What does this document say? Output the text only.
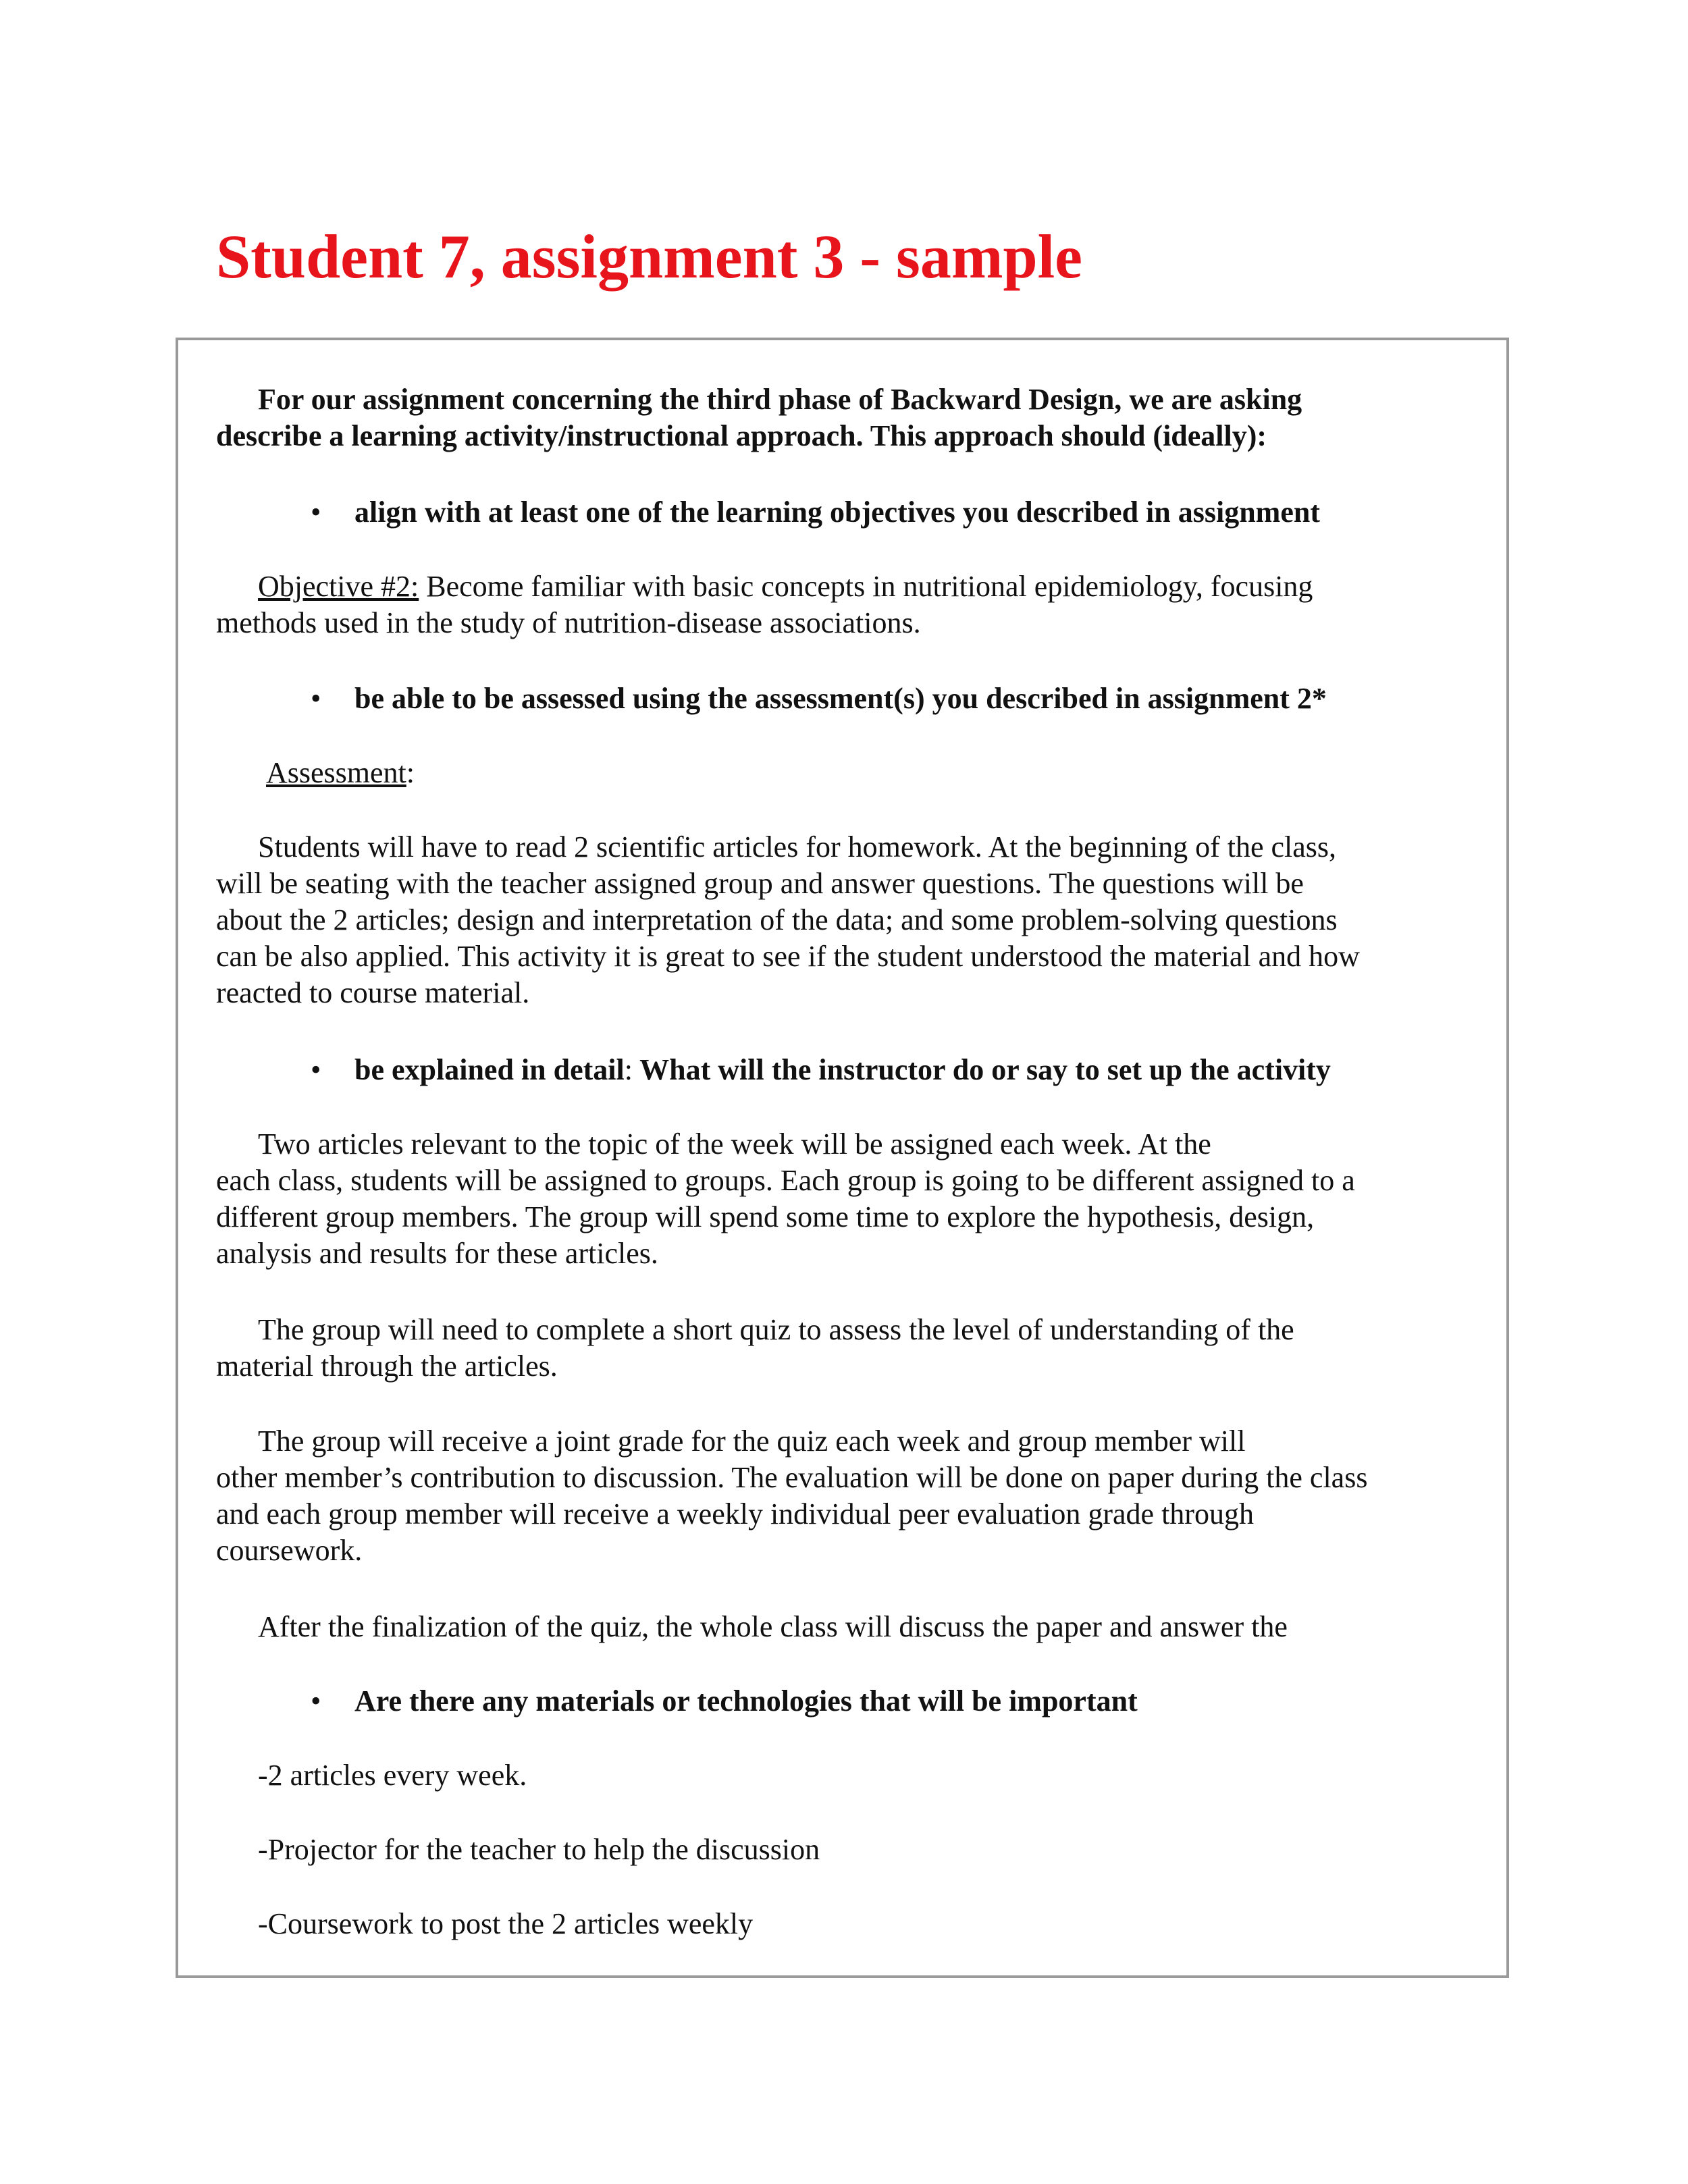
Student 7, assignment 3 - sample
For our assignment concerning the third phase of Backward Design, we are asking
describe a learning activity/instructional approach. This approach should (ideally):
• align with at least one of the learning objectives you described in assignment
Objective #2: Become familiar with basic concepts in nutritional epidemiology, focusing
methods used in the study of nutrition-disease associations.
• be able to be assessed using the assessment(s) you described in assignment 2*
Assessment:
Students will have to read 2 scientific articles for homework. At the beginning of the class,
will be seating with the teacher assigned group and answer questions. The questions will be
about the 2 articles; design and interpretation of the data; and some problem-solving questions
can be also applied. This activity it is great to see if the student understood the material and how
reacted to course material.
• be explained in detail: What will the instructor do or say to set up the activity
Two articles relevant to the topic of the week will be assigned each week. At the
each class, students will be assigned to groups. Each group is going to be different assigned to a
different group members. The group will spend some time to explore the hypothesis, design,
analysis and results for these articles.
The group will need to complete a short quiz to assess the level of understanding of the
material through the articles.
The group will receive a joint grade for the quiz each week and group member will
other member’s contribution to discussion. The evaluation will be done on paper during the class
and each group member will receive a weekly individual peer evaluation grade through
coursework.
After the finalization of the quiz, the whole class will discuss the paper and answer the
• Are there any materials or technologies that will be important
-2 articles every week.
-Projector for the teacher to help the discussion
-Coursework to post the 2 articles weekly
